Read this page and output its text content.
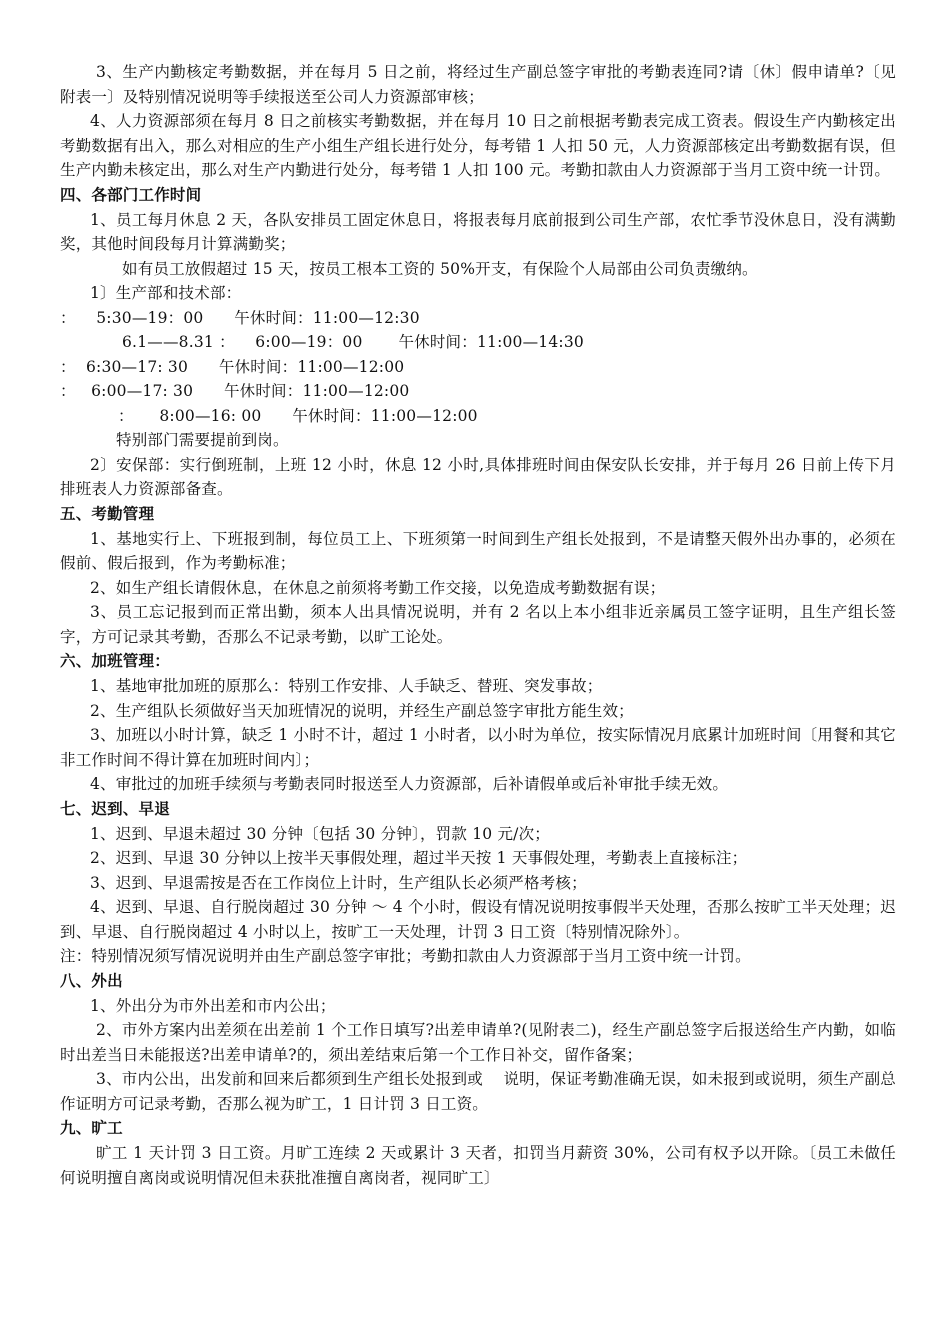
3、生产内勤核定考勤数据，并在每月 5 日之前，将经过生产副总签字审批的考勤表连同?请〔休〕假申请单?〔见附表一〕及特别情况说明等手续报送至公司人力资源部审核；

4、人力资源部须在每月 8 日之前核实考勤数据，并在每月 10 日之前根据考勤表完成工资表。假设生产内勤核定出考勤数据有出入，那么对相应的生产小组生产组长进行处分，每考错 1 人扣 50 元，人力资源部核定出考勤数据有误，但生产内勤未核定出，那么对生产内勤进行处分，每考错 1 人扣 100 元。考勤扣款由人力资源部于当月工资中统一计罚。

四、各部门工作时间

1、员工每月休息 2 天，各队安排员工固定休息日，将报表每月底前报到公司生产部，农忙季节没休息日，没有满勤奖，其他时间段每月计算满勤奖；

如有员工放假超过 15 天，按员工根本工资的 50%开支，有保险个人局部由公司负责缴纳。

1〕生产部和技术部：

：    5:30—19：00      午休时间：11:00—12:30

6.1——8.31 ：    6:00—19：00       午休时间：11:00—14:30

：  6:30—17: 30      午休时间：11:00—12:00

：   6:00—17: 30      午休时间：11:00—12:00

：     8:00—16: 00      午休时间：11:00—12:00

特别部门需要提前到岗。

2〕安保部：实行倒班制，上班 12 小时，休息 12 小时,具体排班时间由保安队长安排，并于每月 26 日前上传下月排班表人力资源部备查。

五、考勤管理

1、基地实行上、下班报到制，每位员工上、下班须第一时间到生产组长处报到，不是请整天假外出办事的，必须在假前、假后报到，作为考勤标准；

2、如生产组长请假休息，在休息之前须将考勤工作交接，以免造成考勤数据有误；

3、员工忘记报到而正常出勤，须本人出具情况说明，并有 2 名以上本小组非近亲属员工签字证明，且生产组长签字，方可记录其考勤，否那么不记录考勤，以旷工论处。

六、加班管理：

1、基地审批加班的原那么：特别工作安排、人手缺乏、替班、突发事故；

2、生产组队长须做好当天加班情况的说明，并经生产副总签字审批方能生效；

3、加班以小时计算，缺乏 1 小时不计，超过 1 小时者，以小时为单位，按实际情况月底累计加班时间〔用餐和其它非工作时间不得计算在加班时间内〕；

4、审批过的加班手续须与考勤表同时报送至人力资源部，后补请假单或后补审批手续无效。

七、迟到、早退

1、迟到、早退未超过 30 分钟〔包括 30 分钟〕，罚款 10 元/次；

2、迟到、早退 30 分钟以上按半天事假处理，超过半天按 1 天事假处理，考勤表上直接标注；

3、迟到、早退需按是否在工作岗位上计时，生产组队长必须严格考核；

4、迟到、早退、自行脱岗超过 30 分钟 ～ 4 个小时，假设有情况说明按事假半天处理，否那么按旷工半天处理；迟到、早退、自行脱岗超过 4 小时以上，按旷工一天处理，计罚 3 日工资〔特别情况除外〕。

注：特别情况须写情况说明并由生产副总签字审批；考勤扣款由人力资源部于当月工资中统一计罚。

八、外出

1、外出分为市外出差和市内公出；

2、市外方案内出差须在出差前 1 个工作日填写?出差申请单?(见附表二)，经生产副总签字后报送给生产内勤，如临时出差当日未能报送?出差申请单?的，须出差结束后第一个工作日补交，留作备案；

3、市内公出，出发前和回来后都须到生产组长处报到或    说明，保证考勤准确无误，如未报到或说明，须生产副总作证明方可记录考勤，否那么视为旷工，1 日计罚 3 日工资。

九、旷工

旷工 1 天计罚 3 日工资。月旷工连续 2 天或累计 3 天者，扣罚当月薪资 30%，公司有权予以开除。〔员工未做任何说明擅自离岗或说明情况但未获批准擅自离岗者，视同旷工〕
